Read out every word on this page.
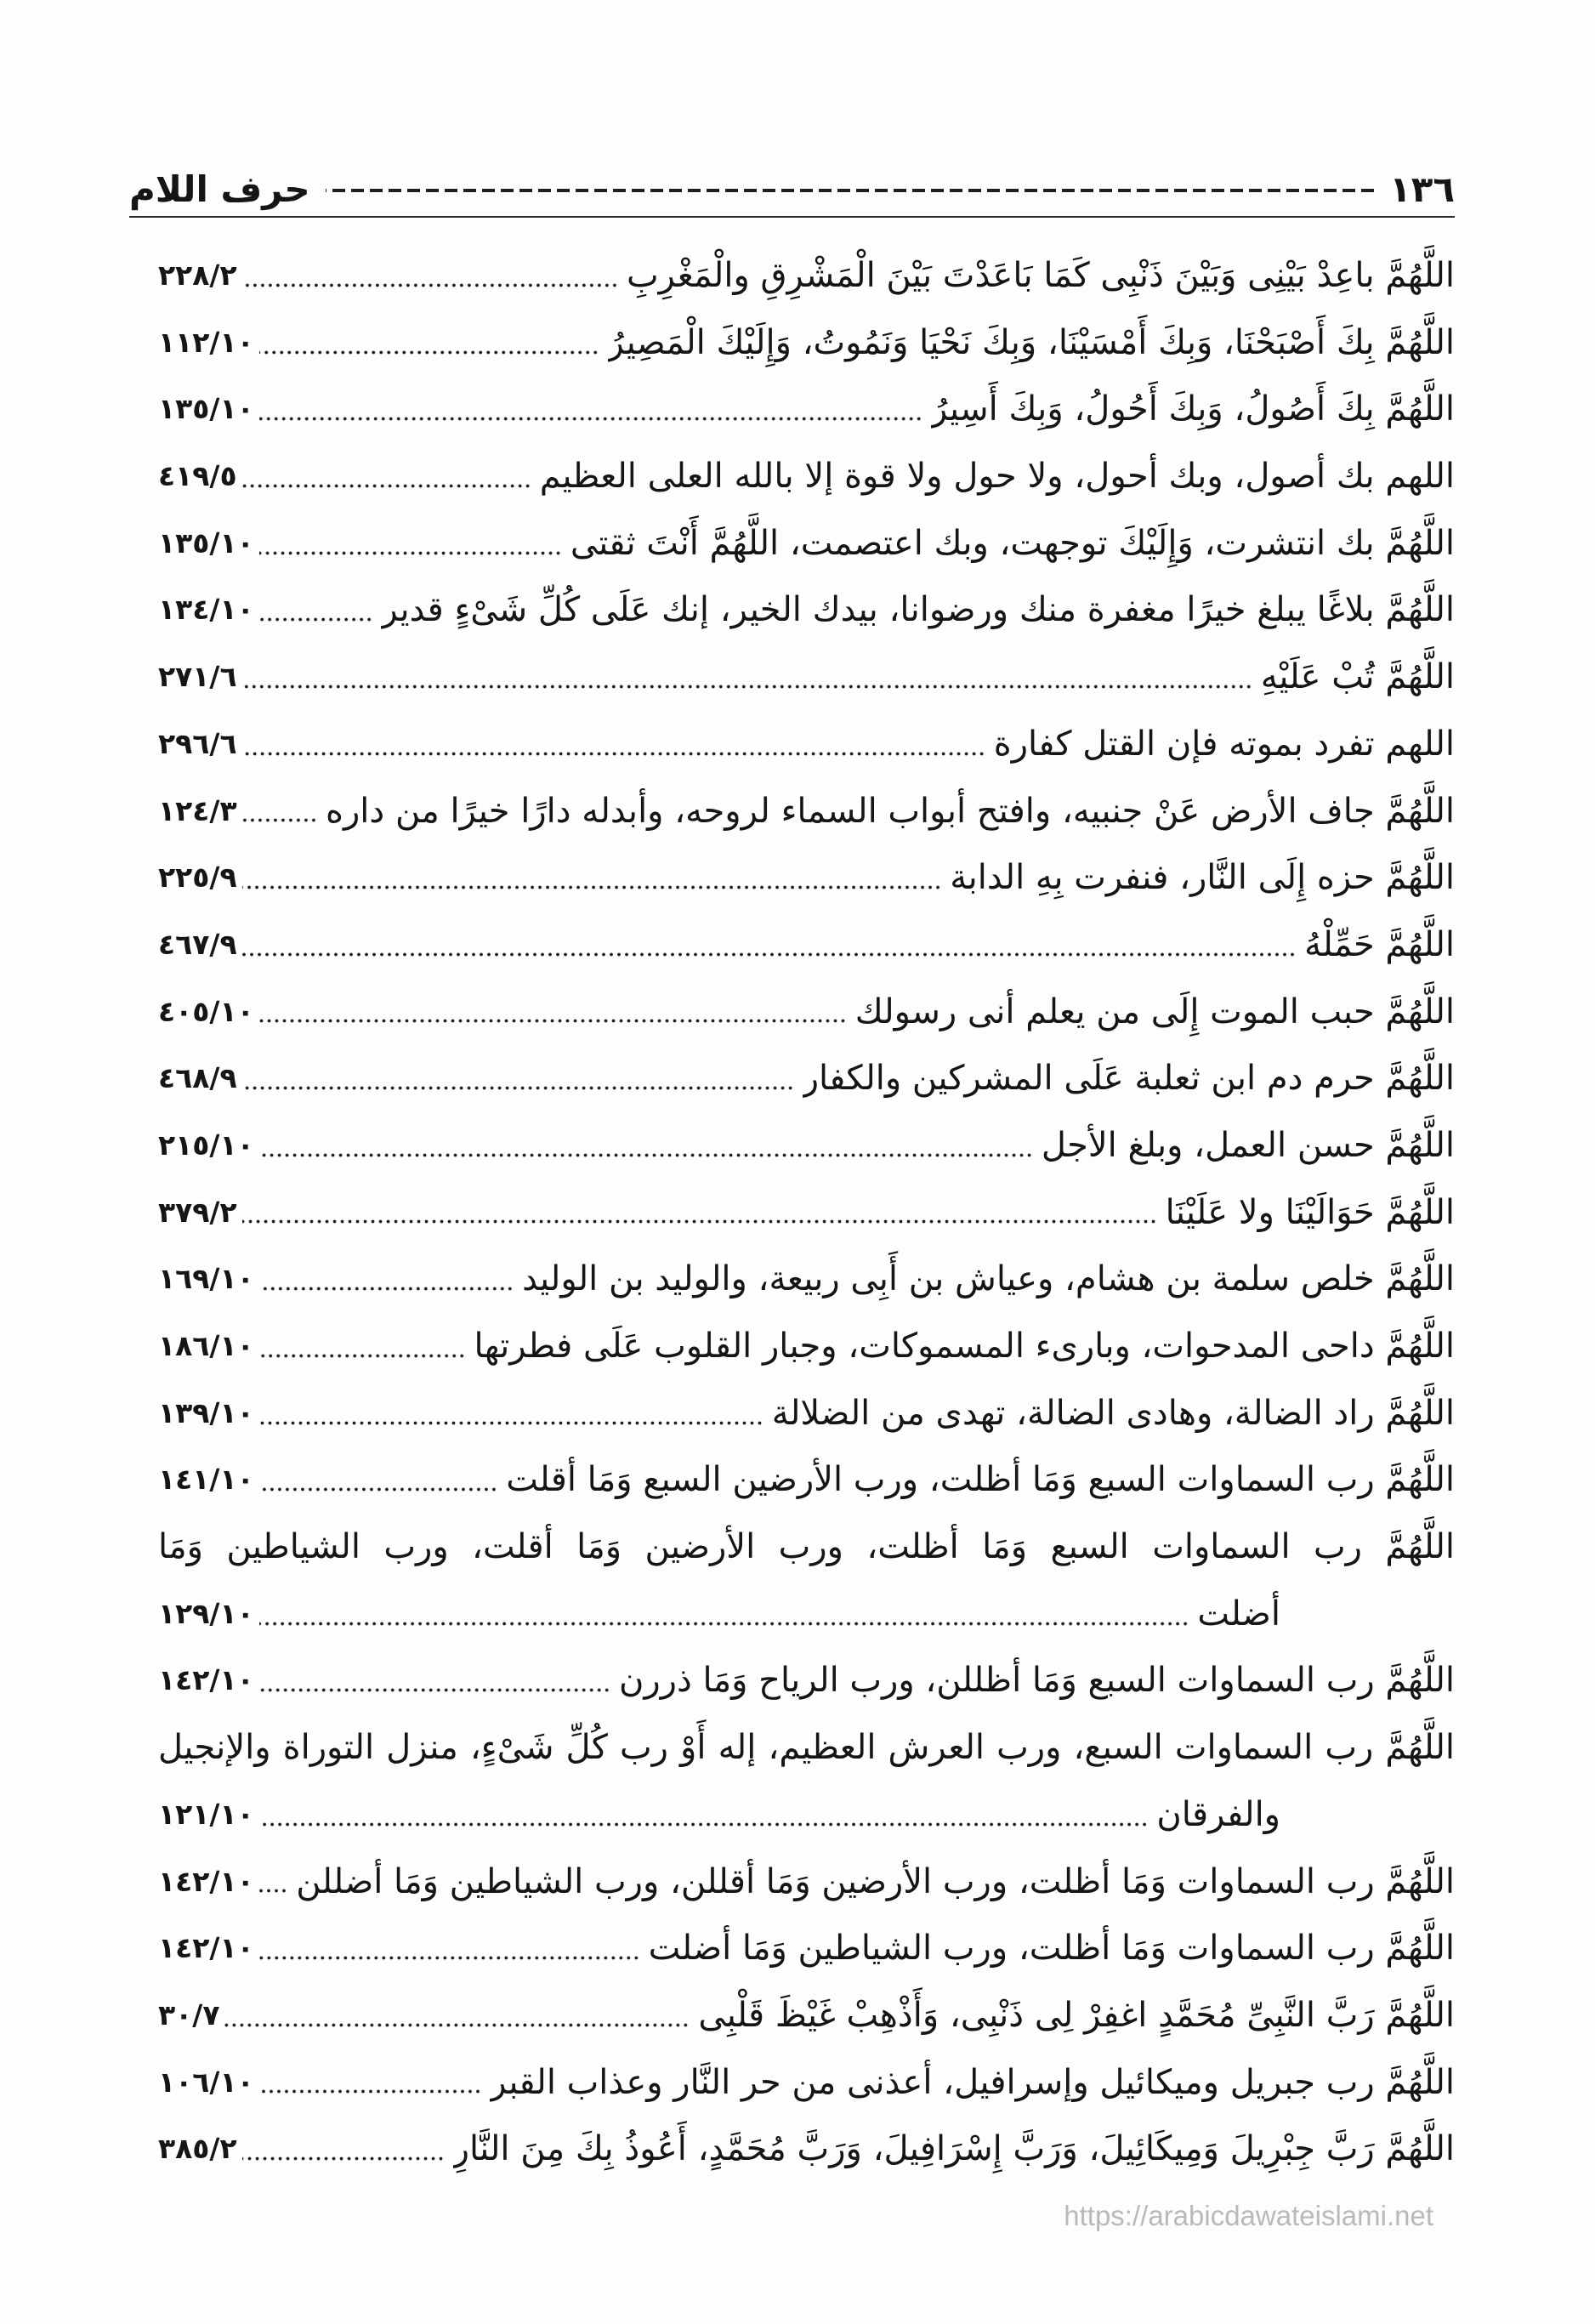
١٣٦
حرف اللام
اللَّهُمَّ باعِدْ بَيْنِى وَبَيْنَ ذَنْبِى كَمَا بَاعَدْتَ بَيْنَ الْمَشْرِقِ والْمَغْرِبِ
٢٢٨/٢
اللَّهُمَّ بِكَ أَصْبَحْنَا، وَبِكَ أَمْسَيْنَا، وَبِكَ نَحْيَا وَنَمُوتُ، وَإِلَيْكَ الْمَصِيرُ
١١٢/١٠
اللَّهُمَّ بِكَ أَصُولُ، وَبِكَ أَحُولُ، وَبِكَ أَسِيرُ
١٣٥/١٠
اللهم بك أصول، وبك أحول، ولا حول ولا قوة إلا بالله العلى العظيم
٤١٩/٥
اللَّهُمَّ بك انتشرت، وَإِلَيْكَ توجهت، وبك اعتصمت، اللَّهُمَّ أَنْتَ ثقتى
١٣٥/١٠
اللَّهُمَّ بلاغًا يبلغ خيرًا مغفرة منك ورضوانا، بيدك الخير، إنك عَلَى كُلِّ شَىْءٍ قدير
١٣٤/١٠
اللَّهُمَّ تُبْ عَلَيْهِ
٢٧١/٦
اللهم تفرد بموته فإن القتل كفارة
٢٩٦/٦
اللَّهُمَّ جاف الأرض عَنْ جنبيه، وافتح أبواب السماء لروحه، وأبدله دارًا خيرًا من داره
١٢٤/٣
اللَّهُمَّ حزه إِلَى النَّار، فنفرت بِهِ الدابة
٢٢٥/٩
اللَّهُمَّ حَمِّلْهُ
٤٦٧/٩
اللَّهُمَّ حبب الموت إِلَى من يعلم أنى رسولك
٤٠٥/١٠
اللَّهُمَّ حرم دم ابن ثعلبة عَلَى المشركين والكفار
٤٦٨/٩
اللَّهُمَّ حسن العمل، وبلغ الأجل
٢١٥/١٠
اللَّهُمَّ حَوَالَيْنَا ولا عَلَيْنَا
٣٧٩/٢
اللَّهُمَّ خلص سلمة بن هشام، وعياش بن أَبِى ربيعة، والوليد بن الوليد
١٦٩/١٠
اللَّهُمَّ داحى المدحوات، وبارىء المسموكات، وجبار القلوب عَلَى فطرتها
١٨٦/١٠
اللَّهُمَّ راد الضالة، وهادى الضالة، تهدى من الضلالة
١٣٩/١٠
اللَّهُمَّ رب السماوات السبع وَمَا أظلت، ورب الأرضين السبع وَمَا أقلت
١٤١/١٠
اللَّهُمَّ رب السماوات السبع وَمَا أظلت، ورب الأرضين وَمَا أقلت، ورب الشياطين وَمَا
أضلت
١٢٩/١٠
اللَّهُمَّ رب السماوات السبع وَمَا أظللن، ورب الرياح وَمَا ذررن
١٤٢/١٠
اللَّهُمَّ رب السماوات السبع، ورب العرش العظيم، إله أَوْ رب كُلِّ شَىْءٍ، منزل التوراة والإنجيل
والفرقان
١٢١/١٠
اللَّهُمَّ رب السماوات وَمَا أظلت، ورب الأرضين وَمَا أقللن، ورب الشياطين وَمَا أضللن
١٤٢/١٠
اللَّهُمَّ رب السماوات وَمَا أظلت، ورب الشياطين وَمَا أضلت
١٤٢/١٠
اللَّهُمَّ رَبَّ النَّبِىِّ مُحَمَّدٍ اغفِرْ لِى ذَنْبِى، وَأَذْهِبْ غَيْظَ قَلْبِى
٣٠/٧
اللَّهُمَّ رب جبريل وميكائيل وإسرافيل، أعذنى من حر النَّار وعذاب القبر
١٠٦/١٠
اللَّهُمَّ رَبَّ جِبْرِيلَ وَمِيكَائِيلَ، وَرَبَّ إِسْرَافِيلَ، وَرَبَّ مُحَمَّدٍ، أَعُوذُ بِكَ مِنَ النَّارِ
٣٨٥/٢
https://arabicdawateislami.net
